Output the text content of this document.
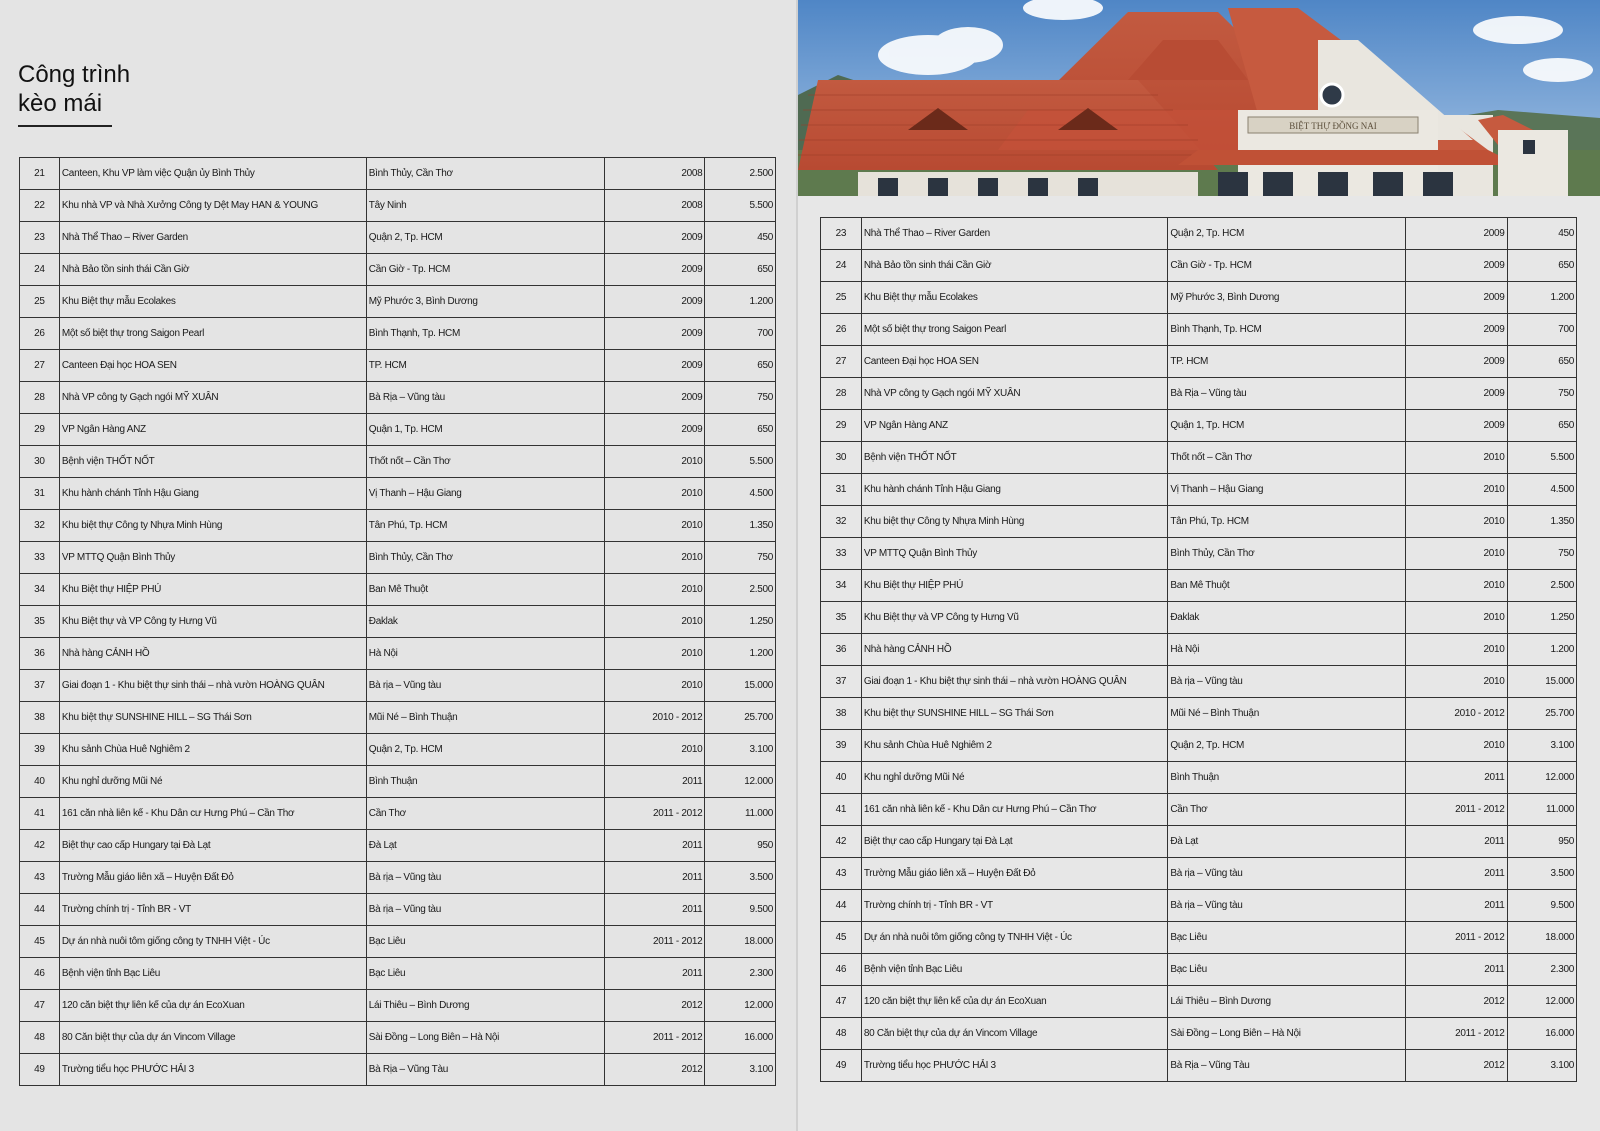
Công trình
kèo mái
21	Canteen, Khu VP làm việc Quận ủy Bình Thủy	Bình Thủy, Cần Thơ	2008	2.500
22	Khu nhà VP và Nhà Xưởng Công ty Dệt May HAN & YOUNG	Tây Ninh	2008	5.500
23	Nhà Thể Thao – River Garden	Quận 2, Tp. HCM	2009	450
24	Nhà Bảo tồn sinh thái Cần Giờ	Cần Giờ - Tp. HCM	2009	650
25	Khu Biệt thự mẫu Ecolakes	Mỹ Phước 3, Bình Dương	2009	1.200
26	Một số biệt thự trong Saigon Pearl	Bình Thạnh, Tp. HCM	2009	700
27	Canteen Đại học HOA SEN	TP. HCM	2009	650
28	Nhà VP công ty Gạch ngói MỸ XUÂN	Bà Rịa – Vũng tàu	2009	750
29	VP Ngân Hàng ANZ	Quận 1, Tp. HCM	2009	650
30	Bệnh viện THỐT NỐT	Thốt nốt – Cần Thơ	2010	5.500
31	Khu hành chánh Tỉnh Hậu Giang	Vị Thanh – Hậu Giang	2010	4.500
32	Khu biệt thự Công ty Nhựa Minh Hùng	Tân Phú, Tp. HCM	2010	1.350
33	VP MTTQ Quận Bình Thủy	Bình Thủy, Cần Thơ	2010	750
34	Khu Biệt thự HIỆP PHÚ	Ban Mê Thuột	2010	2.500
35	Khu Biệt thự và VP Công ty Hưng Vũ	Đaklak	2010	1.250
36	Nhà hàng CẢNH HỒ	Hà Nội	2010	1.200
37	Giai đoạn 1 - Khu biệt thự sinh thái – nhà vườn HOÀNG QUÂN	Bà rịa – Vũng tàu	2010	15.000
38	Khu biệt thự SUNSHINE HILL – SG Thái Sơn	Mũi Né – Bình Thuận	2010 - 2012	25.700
39	Khu sảnh Chùa Huê Nghiêm 2	Quận 2, Tp. HCM	2010	3.100
40	Khu nghỉ dưỡng Mũi Né	Bình Thuận	2011	12.000
41	161 căn nhà liên kế - Khu Dân cư Hưng Phú – Cần Thơ	Cần Thơ	2011 - 2012	11.000
42	Biệt thự cao cấp Hungary tại Đà Lạt	Đà Lạt	2011	950
43	Trường Mẫu giáo liên xã – Huyện Đất Đỏ	Bà rịa – Vũng tàu	2011	3.500
44	Trường chính trị - Tỉnh BR - VT	Bà rịa – Vũng tàu	2011	9.500
45	Dự án nhà nuôi tôm giống công ty TNHH Việt - Úc	Bạc Liêu	2011 - 2012	18.000
46	Bệnh viện tỉnh Bạc Liêu	Bạc Liêu	2011	2.300
47	120 căn biệt thự liên kế của dự án EcoXuan	Lái Thiêu – Bình Dương	2012	12.000
48	80 Căn biệt thự của dự án Vincom Village	Sài Đồng – Long Biên – Hà Nội	2011 - 2012	16.000
49	Trường tiểu học PHƯỚC HẢI 3	Bà Rịa – Vũng Tàu	2012	3.100
23	Nhà Thể Thao – River Garden	Quận 2, Tp. HCM	2009	450
24	Nhà Bảo tồn sinh thái Cần Giờ	Cần Giờ - Tp. HCM	2009	650
25	Khu Biệt thự mẫu Ecolakes	Mỹ Phước 3, Bình Dương	2009	1.200
26	Một số biệt thự trong Saigon Pearl	Bình Thạnh, Tp. HCM	2009	700
27	Canteen Đại học HOA SEN	TP. HCM	2009	650
28	Nhà VP công ty Gạch ngói MỸ XUÂN	Bà Rịa – Vũng tàu	2009	750
29	VP Ngân Hàng ANZ	Quận 1, Tp. HCM	2009	650
30	Bệnh viện THỐT NỐT	Thốt nốt – Cần Thơ	2010	5.500
31	Khu hành chánh Tỉnh Hậu Giang	Vị Thanh – Hậu Giang	2010	4.500
32	Khu biệt thự Công ty Nhựa Minh Hùng	Tân Phú, Tp. HCM	2010	1.350
33	VP MTTQ Quận Bình Thủy	Bình Thủy, Cần Thơ	2010	750
34	Khu Biệt thự HIỆP PHÚ	Ban Mê Thuột	2010	2.500
35	Khu Biệt thự và VP Công ty Hưng Vũ	Đaklak	2010	1.250
36	Nhà hàng CẢNH HỒ	Hà Nội	2010	1.200
37	Giai đoạn 1 - Khu biệt thự sinh thái – nhà vườn HOÀNG QUÂN	Bà rịa – Vũng tàu	2010	15.000
38	Khu biệt thự SUNSHINE HILL – SG Thái Sơn	Mũi Né – Bình Thuận	2010 - 2012	25.700
39	Khu sảnh Chùa Huê Nghiêm 2	Quận 2, Tp. HCM	2010	3.100
40	Khu nghỉ dưỡng Mũi Né	Bình Thuận	2011	12.000
41	161 căn nhà liên kế - Khu Dân cư Hưng Phú – Cần Thơ	Cần Thơ	2011 - 2012	11.000
42	Biệt thự cao cấp Hungary tại Đà Lạt	Đà Lạt	2011	950
43	Trường Mẫu giáo liên xã – Huyện Đất Đỏ	Bà rịa – Vũng tàu	2011	3.500
44	Trường chính trị - Tỉnh BR - VT	Bà rịa – Vũng tàu	2011	9.500
45	Dự án nhà nuôi tôm giống công ty TNHH Việt - Úc	Bạc Liêu	2011 - 2012	18.000
46	Bệnh viện tỉnh Bạc Liêu	Bạc Liêu	2011	2.300
47	120 căn biệt thự liên kế của dự án EcoXuan	Lái Thiêu – Bình Dương	2012	12.000
48	80 Căn biệt thự của dự án Vincom Village	Sài Đồng – Long Biên – Hà Nội	2011 - 2012	16.000
49	Trường tiểu học PHƯỚC HẢI 3	Bà Rịa – Vũng Tàu	2012	3.100
BIỆT THỰ ĐỒNG NAI
